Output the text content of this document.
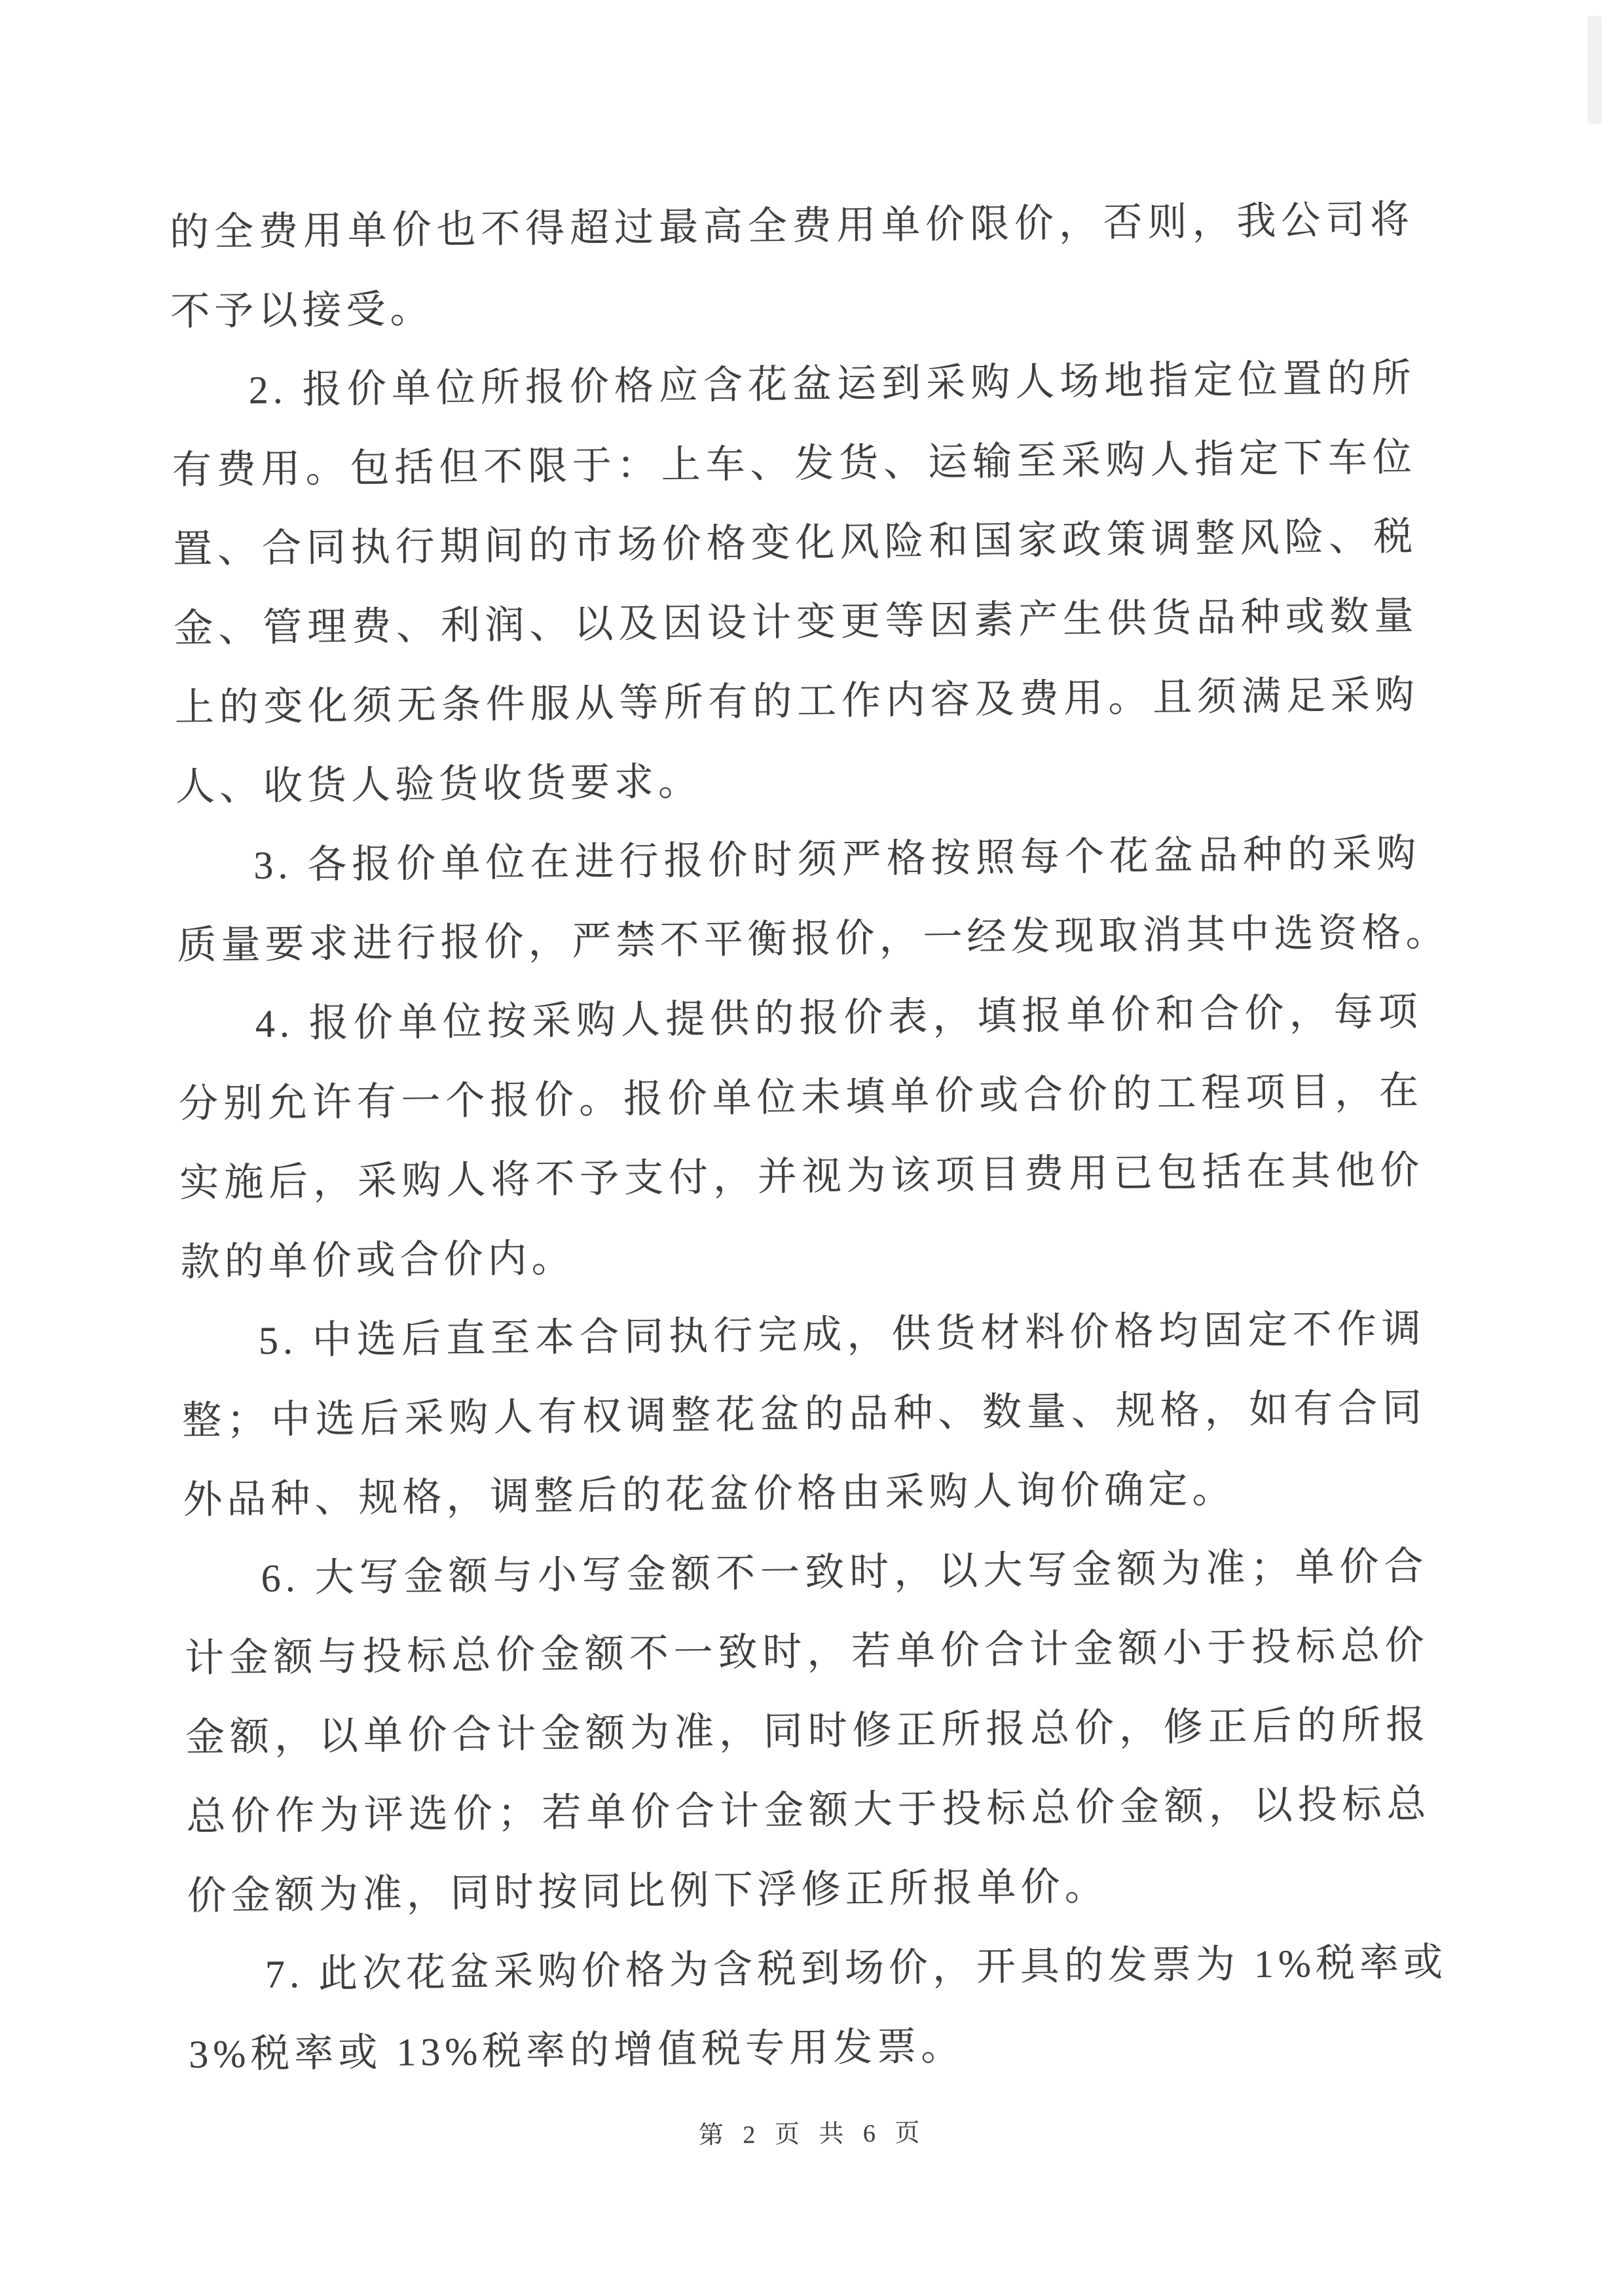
的全费用单价也不得超过最高全费用单价限价，否则，我公司将
不予以接受。
2. 报价单位所报价格应含花盆运到采购人场地指定位置的所
有费用。包括但不限于：上车、发货、运输至采购人指定下车位
置、合同执行期间的市场价格变化风险和国家政策调整风险、税
金、管理费、利润、以及因设计变更等因素产生供货品种或数量
上的变化须无条件服从等所有的工作内容及费用。且须满足采购
人、收货人验货收货要求。
3. 各报价单位在进行报价时须严格按照每个花盆品种的采购
质量要求进行报价，严禁不平衡报价，一经发现取消其中选资格。
4. 报价单位按采购人提供的报价表，填报单价和合价，每项
分别允许有一个报价。报价单位未填单价或合价的工程项目，在
实施后，采购人将不予支付，并视为该项目费用已包括在其他价
款的单价或合价内。
5. 中选后直至本合同执行完成，供货材料价格均固定不作调
整；中选后采购人有权调整花盆的品种、数量、规格，如有合同
外品种、规格，调整后的花盆价格由采购人询价确定。
6. 大写金额与小写金额不一致时，以大写金额为准；单价合
计金额与投标总价金额不一致时，若单价合计金额小于投标总价
金额，以单价合计金额为准，同时修正所报总价，修正后的所报
总价作为评选价；若单价合计金额大于投标总价金额，以投标总
价金额为准，同时按同比例下浮修正所报单价。
7. 此次花盆采购价格为含税到场价，开具的发票为 1%税率或
3%税率或 13%税率的增值税专用发票。
第 2 页 共 6 页
